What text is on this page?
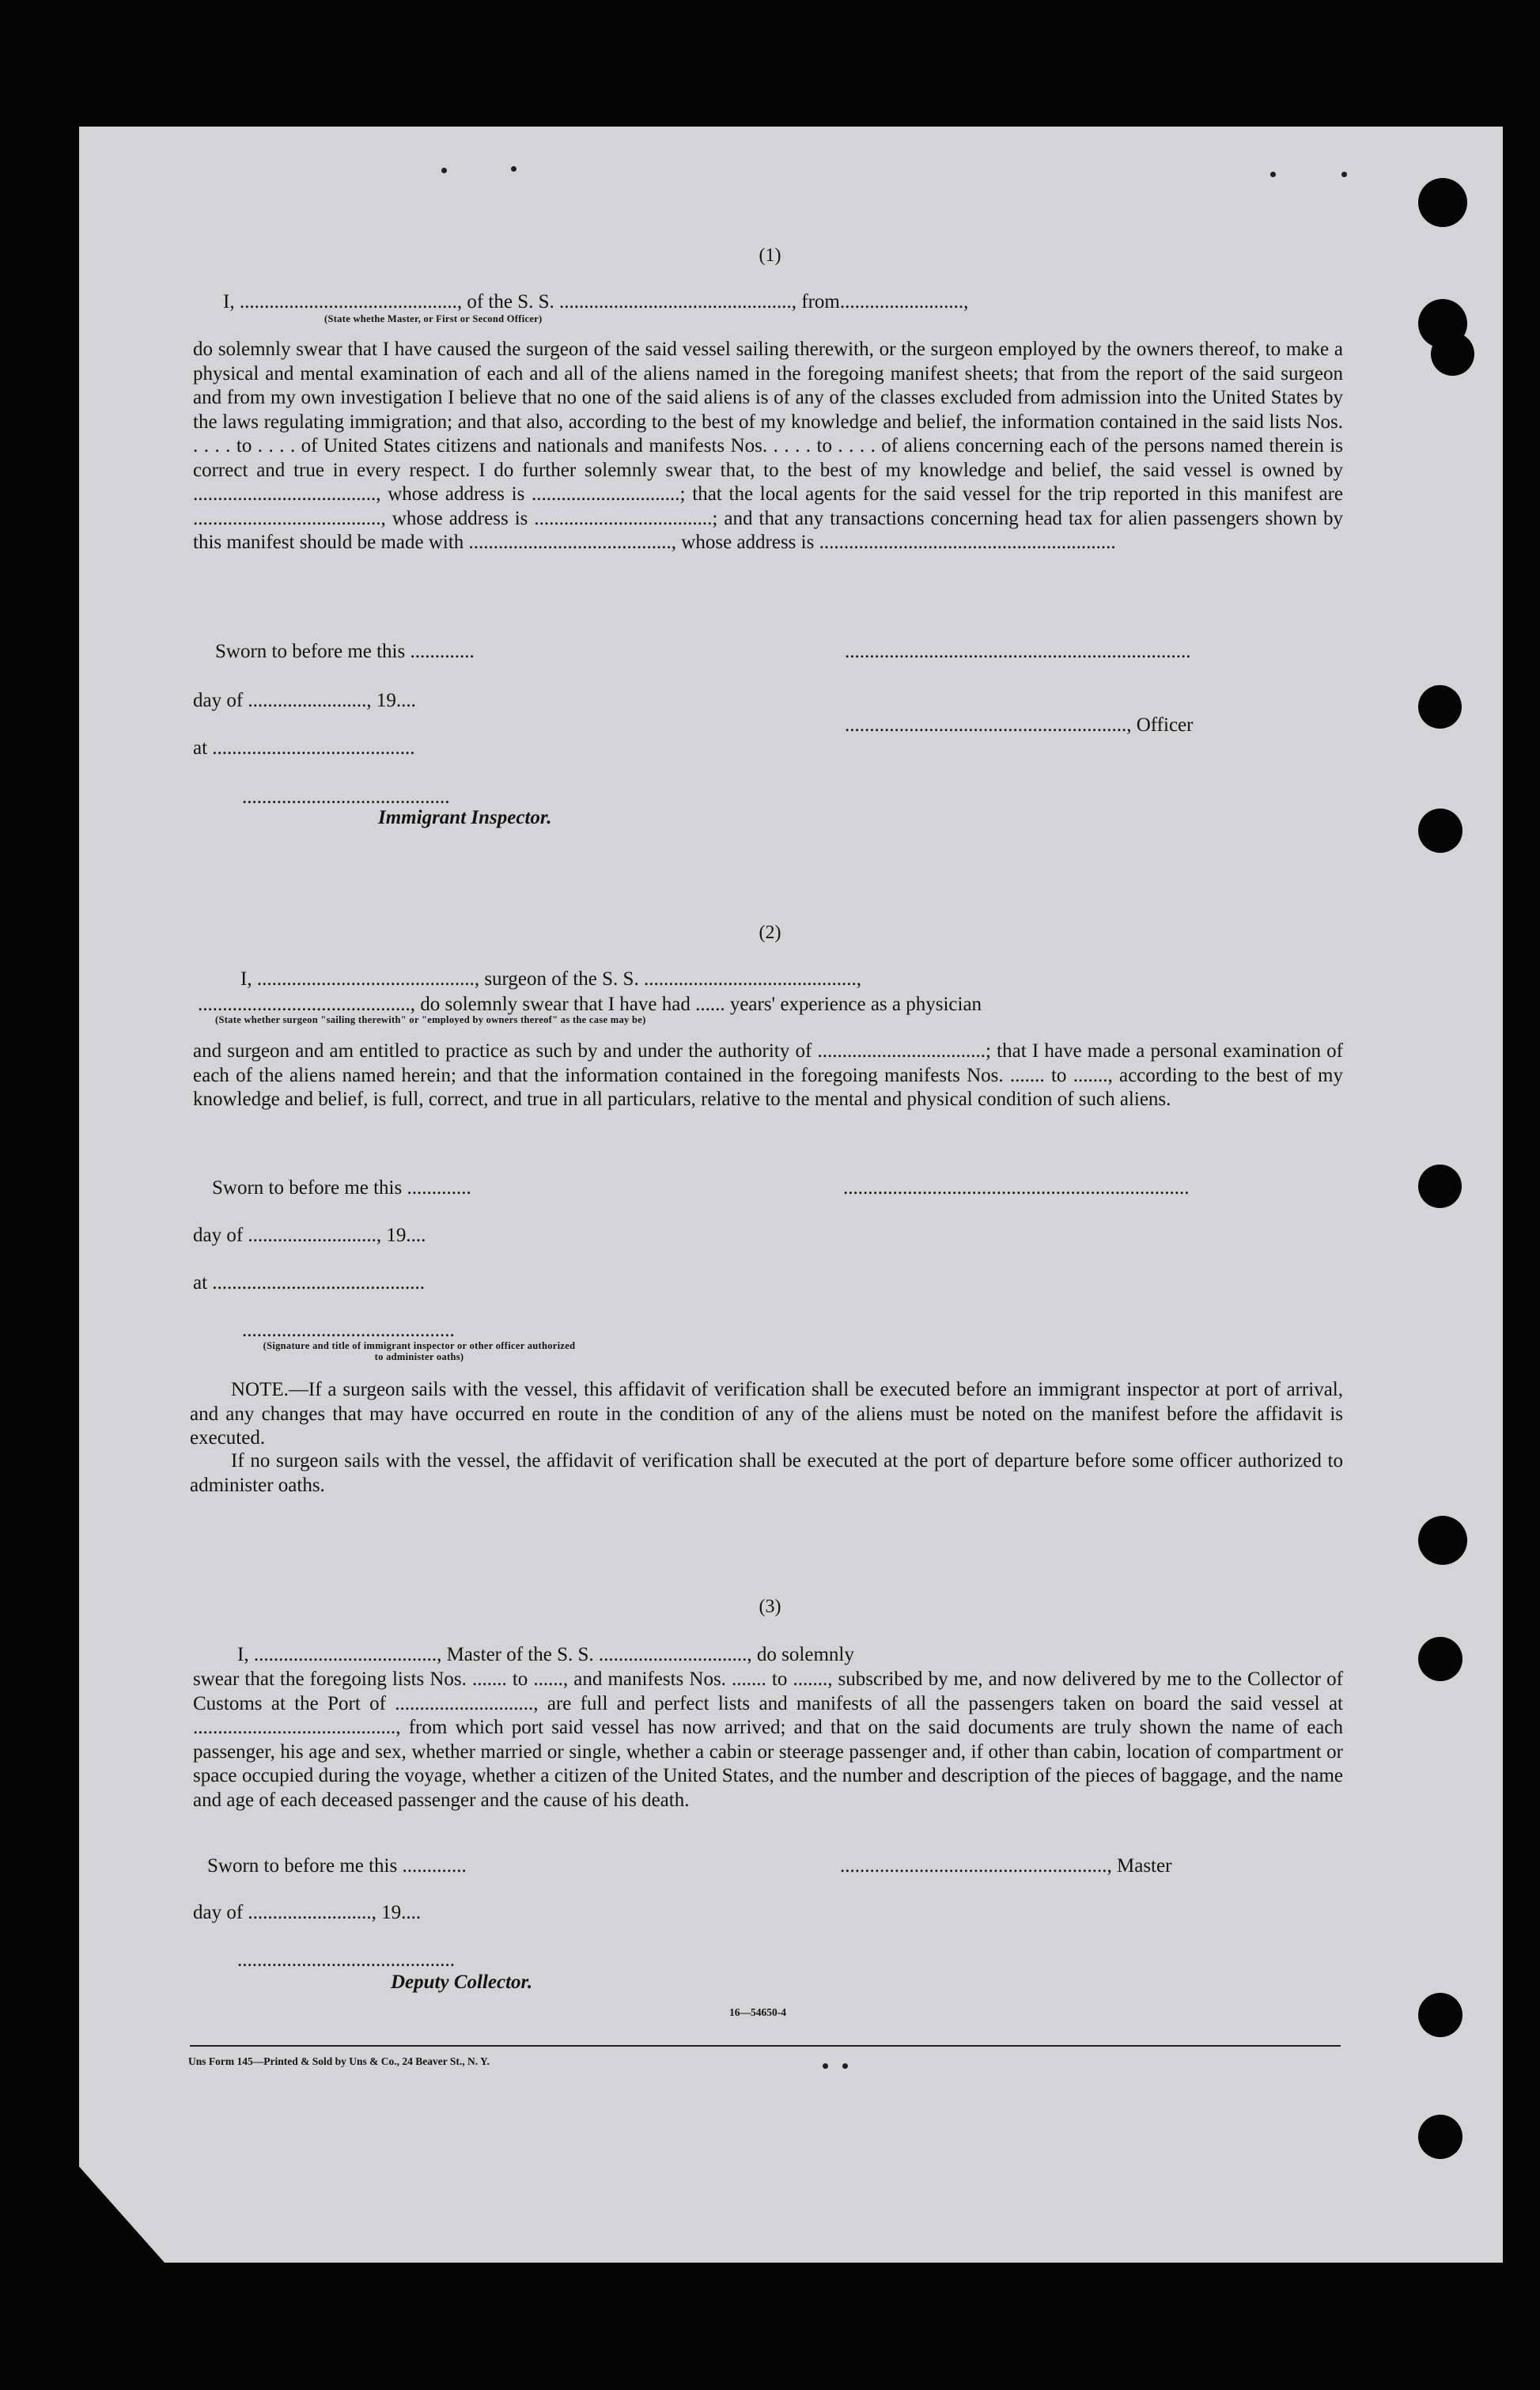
(1)
I, ............................................, of the S. S. ..............................................., from.........................,
(State whethe Master, or First or Second Officer)
do solemnly swear that I have caused the surgeon of the said vessel sailing therewith, or the surgeon employed by the owners thereof, to make a physical and mental examination of each and all of the aliens named in the foregoing manifest sheets; that from the report of the said surgeon and from my own investigation I believe that no one of the said aliens is of any of the classes excluded from admission into the United States by the laws regulating immigration; and that also, according to the best of my knowledge and belief, the information contained in the said lists Nos. . . . . to . . . . of United States citizens and nationals and manifests Nos. . . . . to . . . . of aliens concerning each of the persons named therein is correct and true in every respect. I do further solemnly swear that, to the best of my knowledge and belief, the said vessel is owned by ....................................., whose address is ..............................; that the local agents for the said vessel for the trip reported in this manifest are ......................................, whose address is ....................................; and that any transactions concerning head tax for alien passengers shown by this manifest should be made with ........................................., whose address is ............................................................
Sworn to before me this .............	......................................................................
day of ........................, 19....
........................................................., Officer
at .........................................
..........................................
Immigrant Inspector.
(2)
I, ............................................, surgeon of the S. S. ...........................................,
..........................................., do solemnly swear that I have had ...... years' experience as a physician
(State whether surgeon "sailing therewith" or "employed by owners thereof" as the case may be)
and surgeon and am entitled to practice as such by and under the authority of ..................................; that I have made a personal examination of each of the aliens named herein; and that the information contained in the foregoing manifests Nos. ....... to ......., according to the best of my knowledge and belief, is full, correct, and true in all particulars, relative to the mental and physical condition of such aliens.
Sworn to before me this .............	......................................................................
day of .........................., 19....
at ...........................................
...........................................
(Signature and title of immigrant inspector or other officer authorized to administer oaths)
NOTE.—If a surgeon sails with the vessel, this affidavit of verification shall be executed before an immigrant inspector at port of arrival, and any changes that may have occurred en route in the condition of any of the aliens must be noted on the manifest before the affidavit is executed.
If no surgeon sails with the vessel, the affidavit of verification shall be executed at the port of departure before some officer authorized to administer oaths.
(3)
I, ....................................., Master of the S. S. .............................., do solemnly
swear that the foregoing lists Nos. ....... to ......, and manifests Nos. ....... to ......., subscribed by me, and now delivered by me to the Collector of Customs at the Port of ............................, are full and perfect lists and manifests of all the passengers taken on board the said vessel at ........................................., from which port said vessel has now arrived; and that on the said documents are truly shown the name of each passenger, his age and sex, whether married or single, whether a cabin or steerage passenger and, if other than cabin, location of compartment or space occupied during the voyage, whether a citizen of the United States, and the number and description of the pieces of baggage, and the name and age of each deceased passenger and the cause of his death.
Sworn to before me this .............	......................................................, Master
day of ........................., 19....
............................................
Deputy Collector.
16—54650-4
Uns Form 145—Printed & Sold by Uns & Co., 24 Beaver St., N. Y.
